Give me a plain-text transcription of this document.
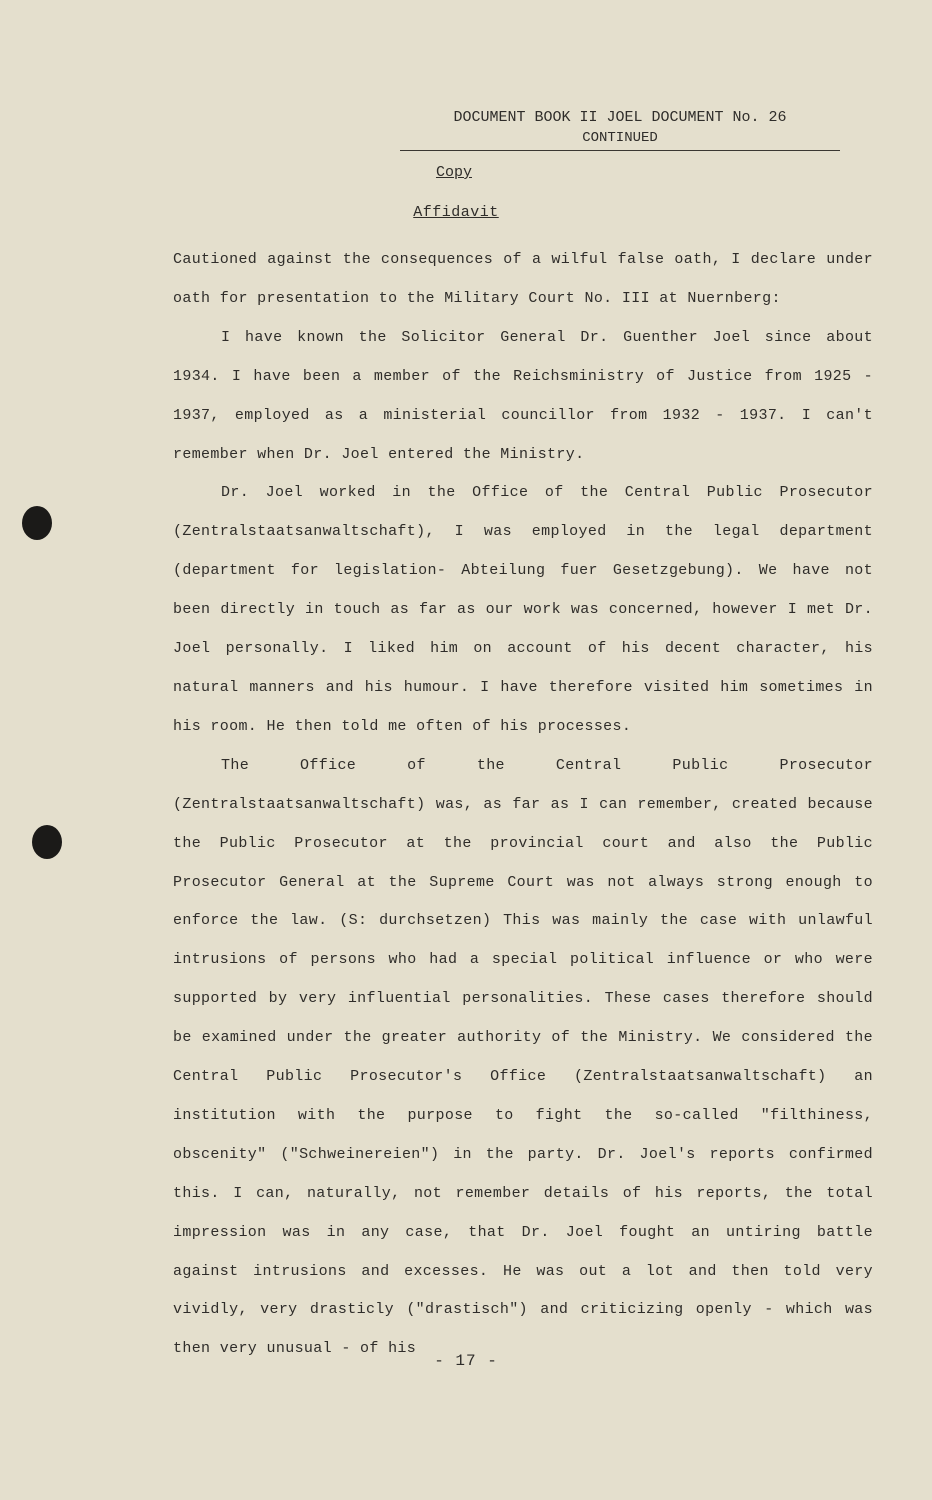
DOCUMENT BOOK II JOEL DOCUMENT No. 26
CONTINUED
Copy
Affidavit

Cautioned against the consequences of a wilful false oath, I declare under oath for presentation to the Military Court No. III at Nuernberg:

I have known the Solicitor General Dr. Guenther Joel since about 1934. I have been a member of the Reichsministry of Justice from 1925 - 1937, employed as a ministerial councillor from 1932 - 1937. I can't remember when Dr. Joel entered the Ministry.

Dr. Joel worked in the Office of the Central Public Prosecutor (Zentralstaatsanwaltschaft), I was employed in the legal department (department for legislation- Abteilung fuer Gesetzgebung). We have not been directly in touch as far as our work was concerned, however I met Dr. Joel personally. I liked him on account of his decent character, his natural manners and his humour. I have therefore visited him sometimes in his room. He then told me often of his processes.

The Office of the Central Public Prosecutor (Zentralstaatsanwaltschaft) was, as far as I can remember, created because the Public Prosecutor at the provincial court and also the Public Prosecutor General at the Supreme Court was not always strong enough to enforce the law. (S: durchsetzen) This was mainly the case with unlawful intrusions of persons who had a special political influence or who were supported by very influential personalities. These cases therefore should be examined under the greater authority of the Ministry. We considered the Central Public Prosecutor's Office (Zentralstaatsanwaltschaft) an institution with the purpose to fight the so-called "filthiness, obscenity" ("Schweinereien") in the party. Dr. Joel's reports confirmed this. I can, naturally, not remember details of his reports, the total impression was in any case, that Dr. Joel fought an untiring battle against intrusions and excesses. He was out a lot and then told very vividly, very drasticly ("drastisch") and criticizing openly - which was then very unusual - of his

- 17 -
